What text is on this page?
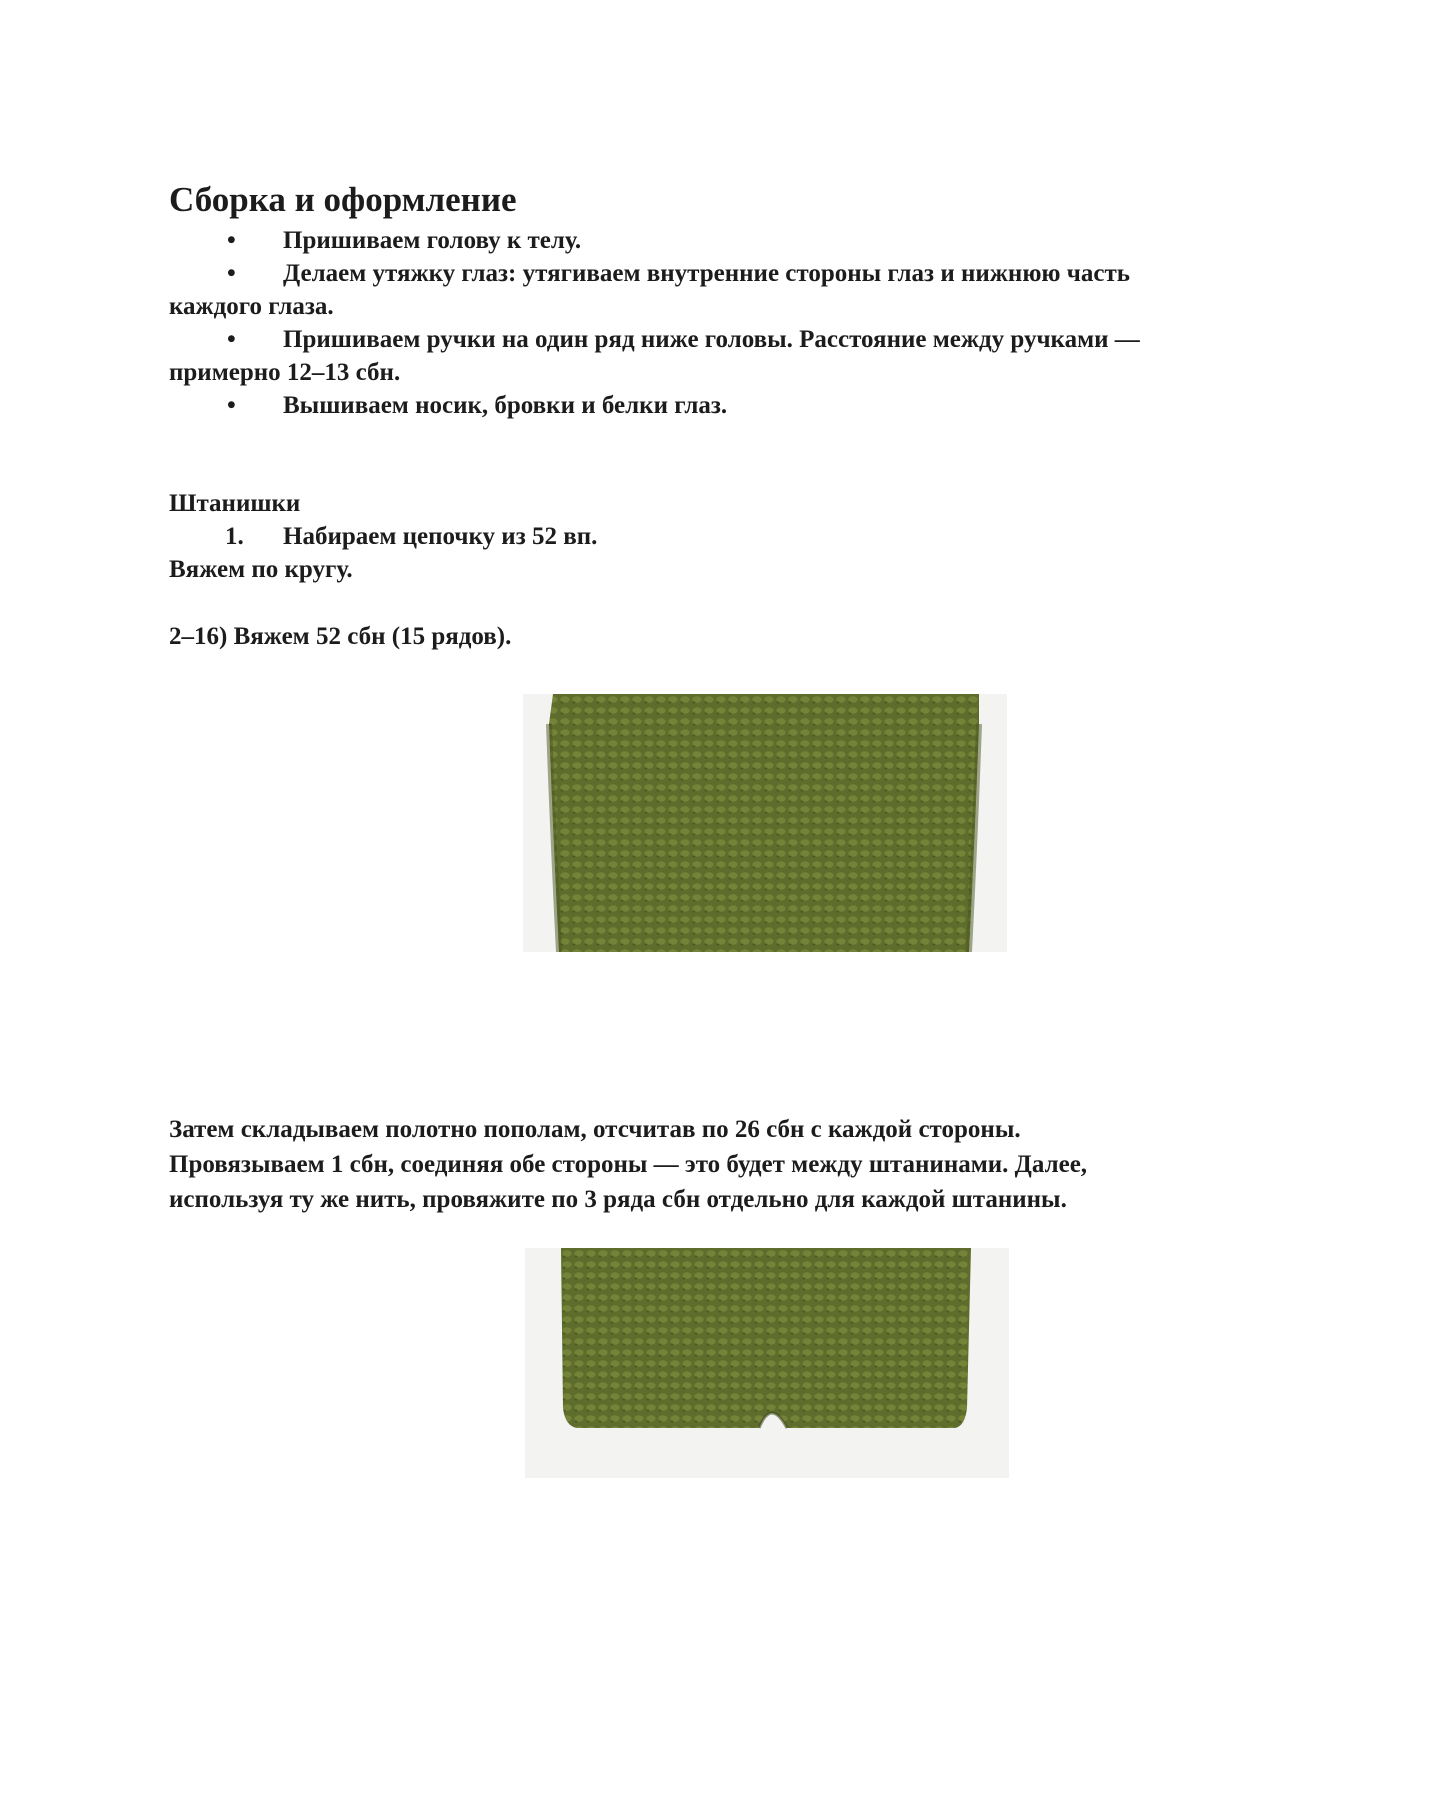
Сборка и оформление

• Пришиваем голову к телу.

• Делаем утяжку глаз: утягиваем внутренние стороны глаз и нижнюю часть
каждого глаза.

• Пришиваем ручки на один ряд ниже головы. Расстояние между ручками —
примерно 12–13 сбн.

• Вышиваем носик, бровки и белки глаз.

Штанишки
1. Набираем цепочку из 52 вп.
Вяжем по кругу.
2–16) Вяжем 52 сбн (15 рядов).
Затем складываем полотно пополам, отсчитав по 26 сбн с каждой стороны.
Провязываем 1 сбн, соединяя обе стороны — это будет между штанинами. Далее,
используя ту же нить, провяжите по 3 ряда сбн отдельно для каждой штанины.
